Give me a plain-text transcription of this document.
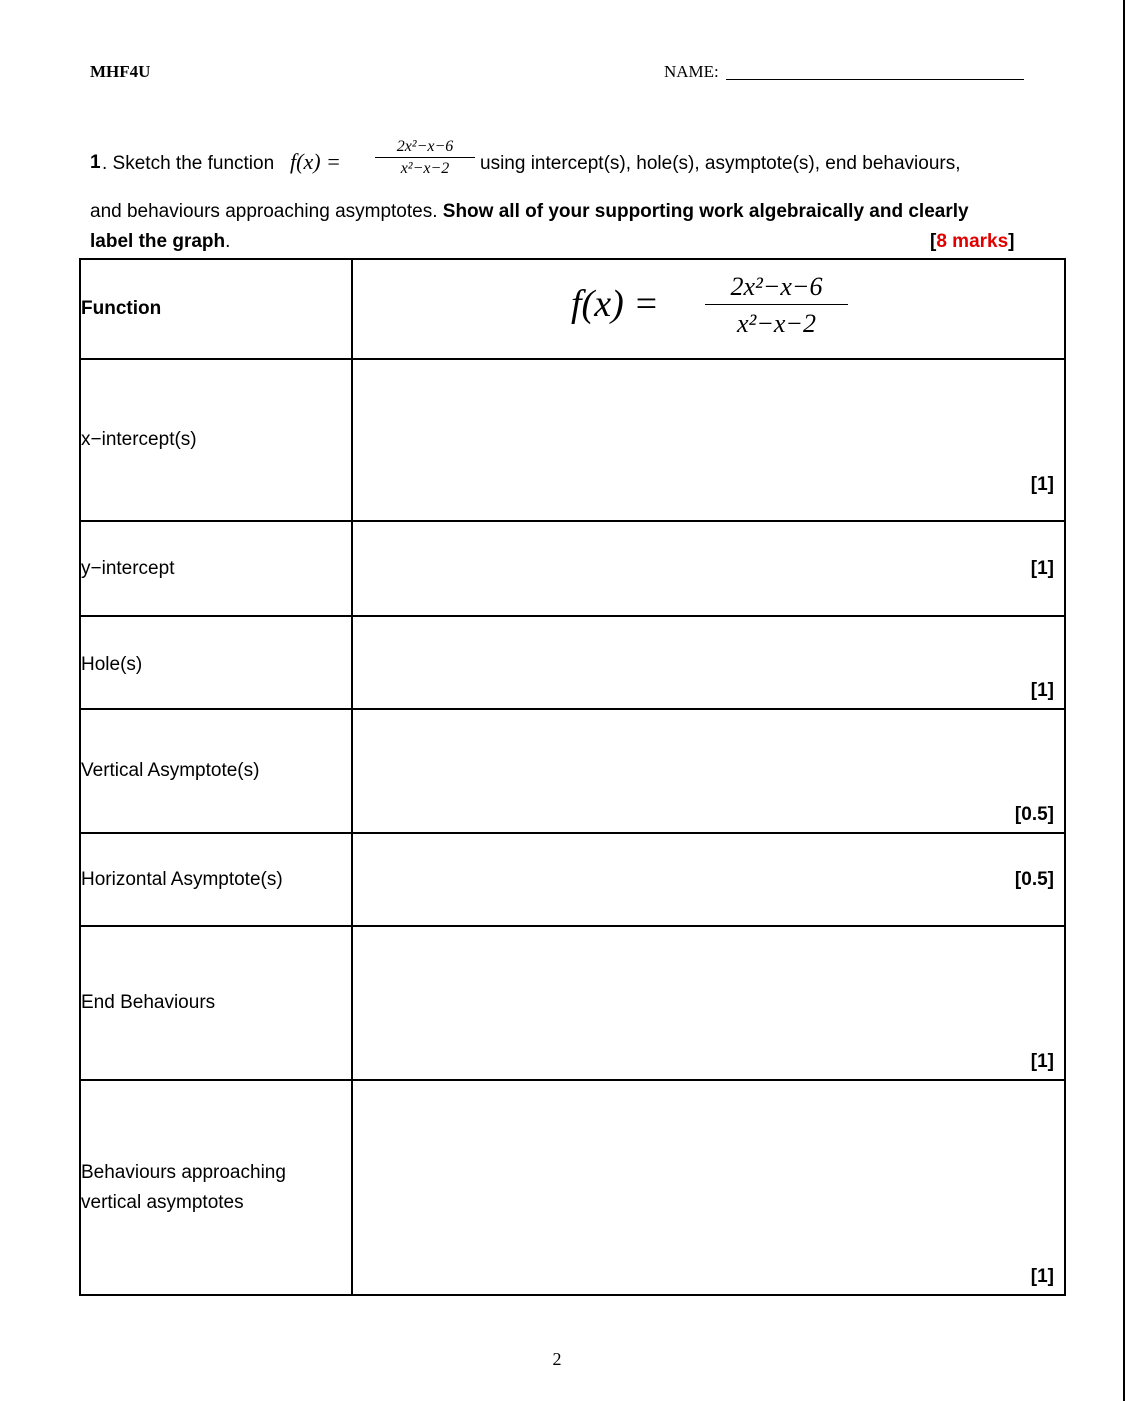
MHF4U	NAME:
1 . Sketch the function f(x) =
2x²−x−6
x²−x−2	using intercept(s), hole(s), asymptote(s), end behaviours,
and behaviours approaching asymptotes. Show all of your supporting work algebraically and clearly
label the graph.	[8 marks]
Function	f(x) = 2x²−x−6
x²−x−2

x−intercept(s)	[1]

y−intercept	[1]

Hole(s)	[1]

Vertical Asymptote(s)	[0.5]

Horizontal Asymptote(s)	[0.5]

End Behaviours	[1]

Behaviours approaching vertical asymptotes	[1]
2
